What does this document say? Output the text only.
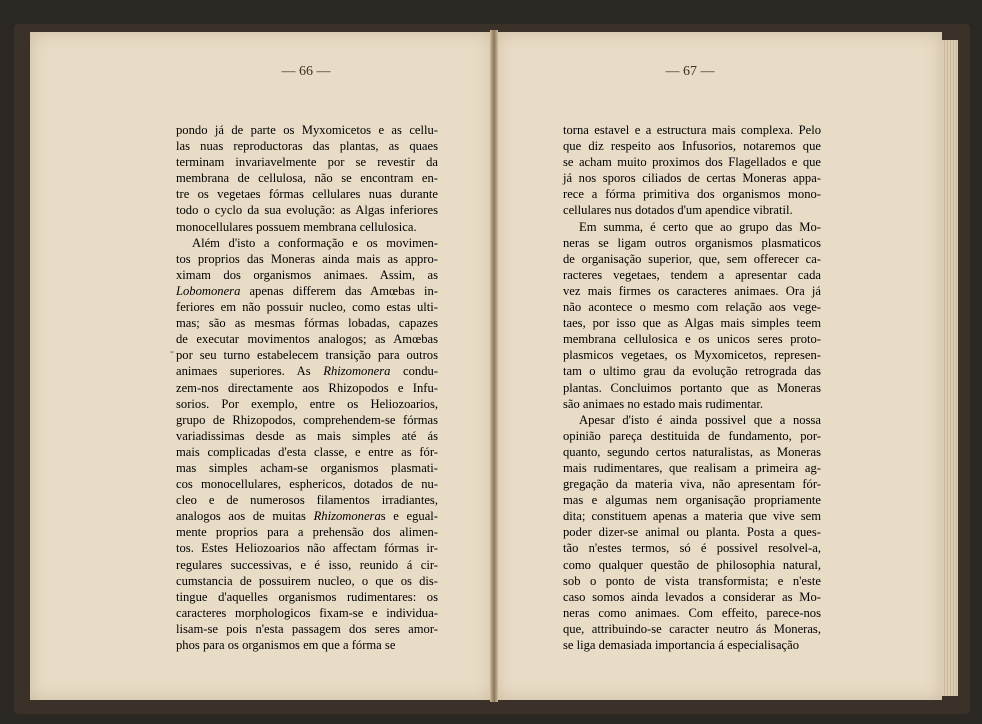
— 66 —	— 67 —
-
pondo já de parte os Myxomicetos e as cellu-
las nuas reproductoras das plantas, as quaes
terminam invariavelmente por se revestir da
membrana de cellulosa, não se encontram en-
tre os vegetaes fórmas cellulares nuas durante
todo o cyclo da sua evolução: as Algas inferiores
monocellulares possuem membrana cellulosica.
Além d'isto a conformação e os movimen-
tos proprios das Moneras ainda mais as appro-
ximam dos organismos animaes. Assim, as
Lobomonera apenas differem das Amœbas in-
feriores em não possuir nucleo, como estas ulti-
mas; são as mesmas fórmas lobadas, capazes
de executar movimentos analogos; as Amœbas
por seu turno estabelecem transição para outros
animaes superiores. As Rhizomonera condu-
zem-nos directamente aos Rhizopodos e Infu-
sorios. Por exemplo, entre os Heliozoarios,
grupo de Rhizopodos, comprehendem-se fórmas
variadissimas desde as mais simples até ás
mais complicadas d'esta classe, e entre as fór-
mas simples acham-se organismos plasmati-
cos monocellulares, esphericos, dotados de nu-
cleo e de numerosos filamentos irradiantes,
analogos aos de muitas Rhizomoneras e egual-
mente proprios para a prehensão dos alimen-
tos. Estes Heliozoarios não affectam fórmas ir-
regulares successivas, e é isso, reunido á cir-
cumstancia de possuirem nucleo, o que os dis-
tingue d'aquelles organismos rudimentares: os
caracteres morphologicos fixam-se e individua-
lisam-se pois n'esta passagem dos seres amor-
phos para os organismos em que a fórma se
torna estavel e a estructura mais complexa. Pelo
que diz respeito aos Infusorios, notaremos que
se acham muito proximos dos Flagellados e que
já nos sporos ciliados de certas Moneras appa-
rece a fórma primitiva dos organismos mono-
cellulares nus dotados d'um apendice vibratil.
Em summa, é certo que ao grupo das Mo-
neras se ligam outros organismos plasmaticos
de organisação superior, que, sem offerecer ca-
racteres vegetaes, tendem a apresentar cada
vez mais firmes os caracteres animaes. Ora já
não acontece o mesmo com relação aos vege-
taes, por isso que as Algas mais simples teem
membrana cellulosica e os unicos seres proto-
plasmicos vegetaes, os Myxomicetos, represen-
tam o ultimo grau da evolução retrograda das
plantas. Concluimos portanto que as Moneras
são animaes no estado mais rudimentar.
Apesar d'isto é ainda possivel que a nossa
opinião pareça destituida de fundamento, por-
quanto, segundo certos naturalistas, as Moneras
mais rudimentares, que realisam a primeira ag-
gregação da materia viva, não apresentam fór-
mas e algumas nem organisação propriamente
dita; constituem apenas a materia que vive sem
poder dizer-se animal ou planta. Posta a ques-
tão n'estes termos, só é possivel resolvel-a,
como qualquer questão de philosophia natural,
sob o ponto de vista transformista; e n'este
caso somos ainda levados a considerar as Mo-
neras como animaes. Com effeito, parece-nos
que, attribuindo-se caracter neutro ás Moneras,
se liga demasiada importancia á especialisação
